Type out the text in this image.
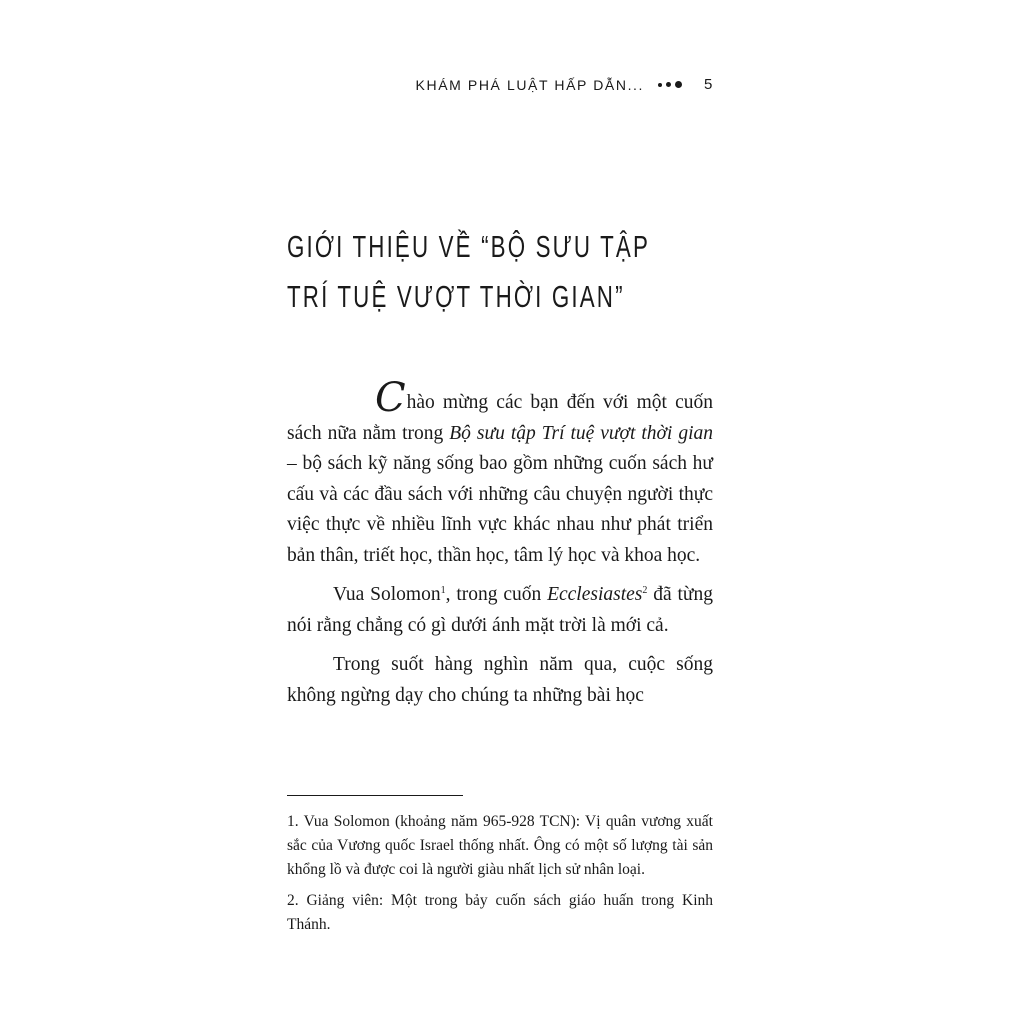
KHÁM PHÁ LUẬT HẤP DẪN...	5
GIỚI THIỆU VỀ “BỘ SƯU TẬP
TRÍ TUỆ VƯỢT THỜI GIAN”

Chào mừng các bạn đến với một cuốn sách nữa nằm trong Bộ sưu tập Trí tuệ vượt thời gian – bộ sách kỹ năng sống bao gồm những cuốn sách hư cấu và các đầu sách với những câu chuyện người thực việc thực về nhiều lĩnh vực khác nhau như phát triển bản thân, triết học, thần học, tâm lý học và khoa học.

Vua Solomon$^1$, trong cuốn Ecclesiastes$^2$ đã từng nói rằng chẳng có gì dưới ánh mặt trời là mới cả.

Trong suốt hàng nghìn năm qua, cuộc sống không ngừng dạy cho chúng ta những bài học

1. Vua Solomon (khoảng năm 965-928 TCN): Vị quân vương xuất sắc của Vương quốc Israel thống nhất. Ông có một số lượng tài sản khổng lồ và được coi là người giàu nhất lịch sử nhân loại.

2. Giảng viên: Một trong bảy cuốn sách giáo huấn trong Kinh Thánh.
